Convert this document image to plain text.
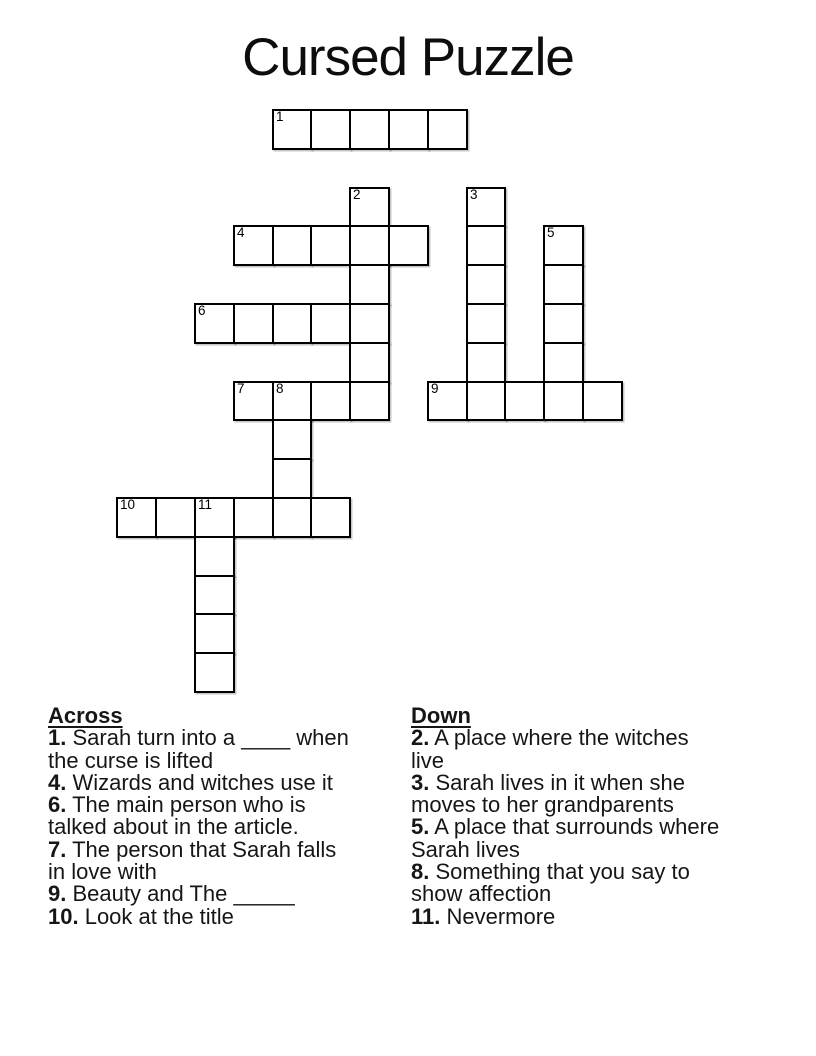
Cursed Puzzle
1
2	3
4	5
6
7 8	9
10	11
Across
1. Sarah turn into a ____ when
the curse is lifted
4. Wizards and witches use it
6. The main person who is
talked about in the article.
7. The person that Sarah falls
in love with
9. Beauty and The _____
10. Look at the title
Down
2. A place where the witches
live
3. Sarah lives in it when she
moves to her grandparents
5. A place that surrounds where
Sarah lives
8. Something that you say to
show affection
11. Nevermore
